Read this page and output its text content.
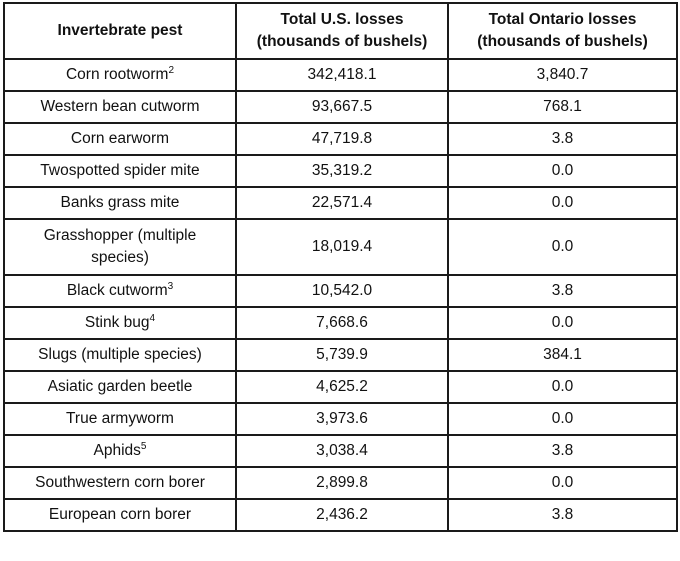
Invertebrate pest	Total U.S. losses (thousands of bushels)	Total Ontario losses (thousands of bushels)
Corn rootworm$^2$	342,418.1	3,840.7
Western bean cutworm	93,667.5	768.1
Corn earworm	47,719.8	3.8
Twospotted spider mite	35,319.2	0.0
Banks grass mite	22,571.4	0.0
Grasshopper (multiple species)	18,019.4	0.0
Black cutworm$^3$	10,542.0	3.8
Stink bug$^4$	7,668.6	0.0
Slugs (multiple species)	5,739.9	384.1
Asiatic garden beetle	4,625.2	0.0
True armyworm	3,973.6	0.0
Aphids$^5$	3,038.4	3.8
Southwestern corn borer	2,899.8	0.0
European corn borer	2,436.2	3.8
